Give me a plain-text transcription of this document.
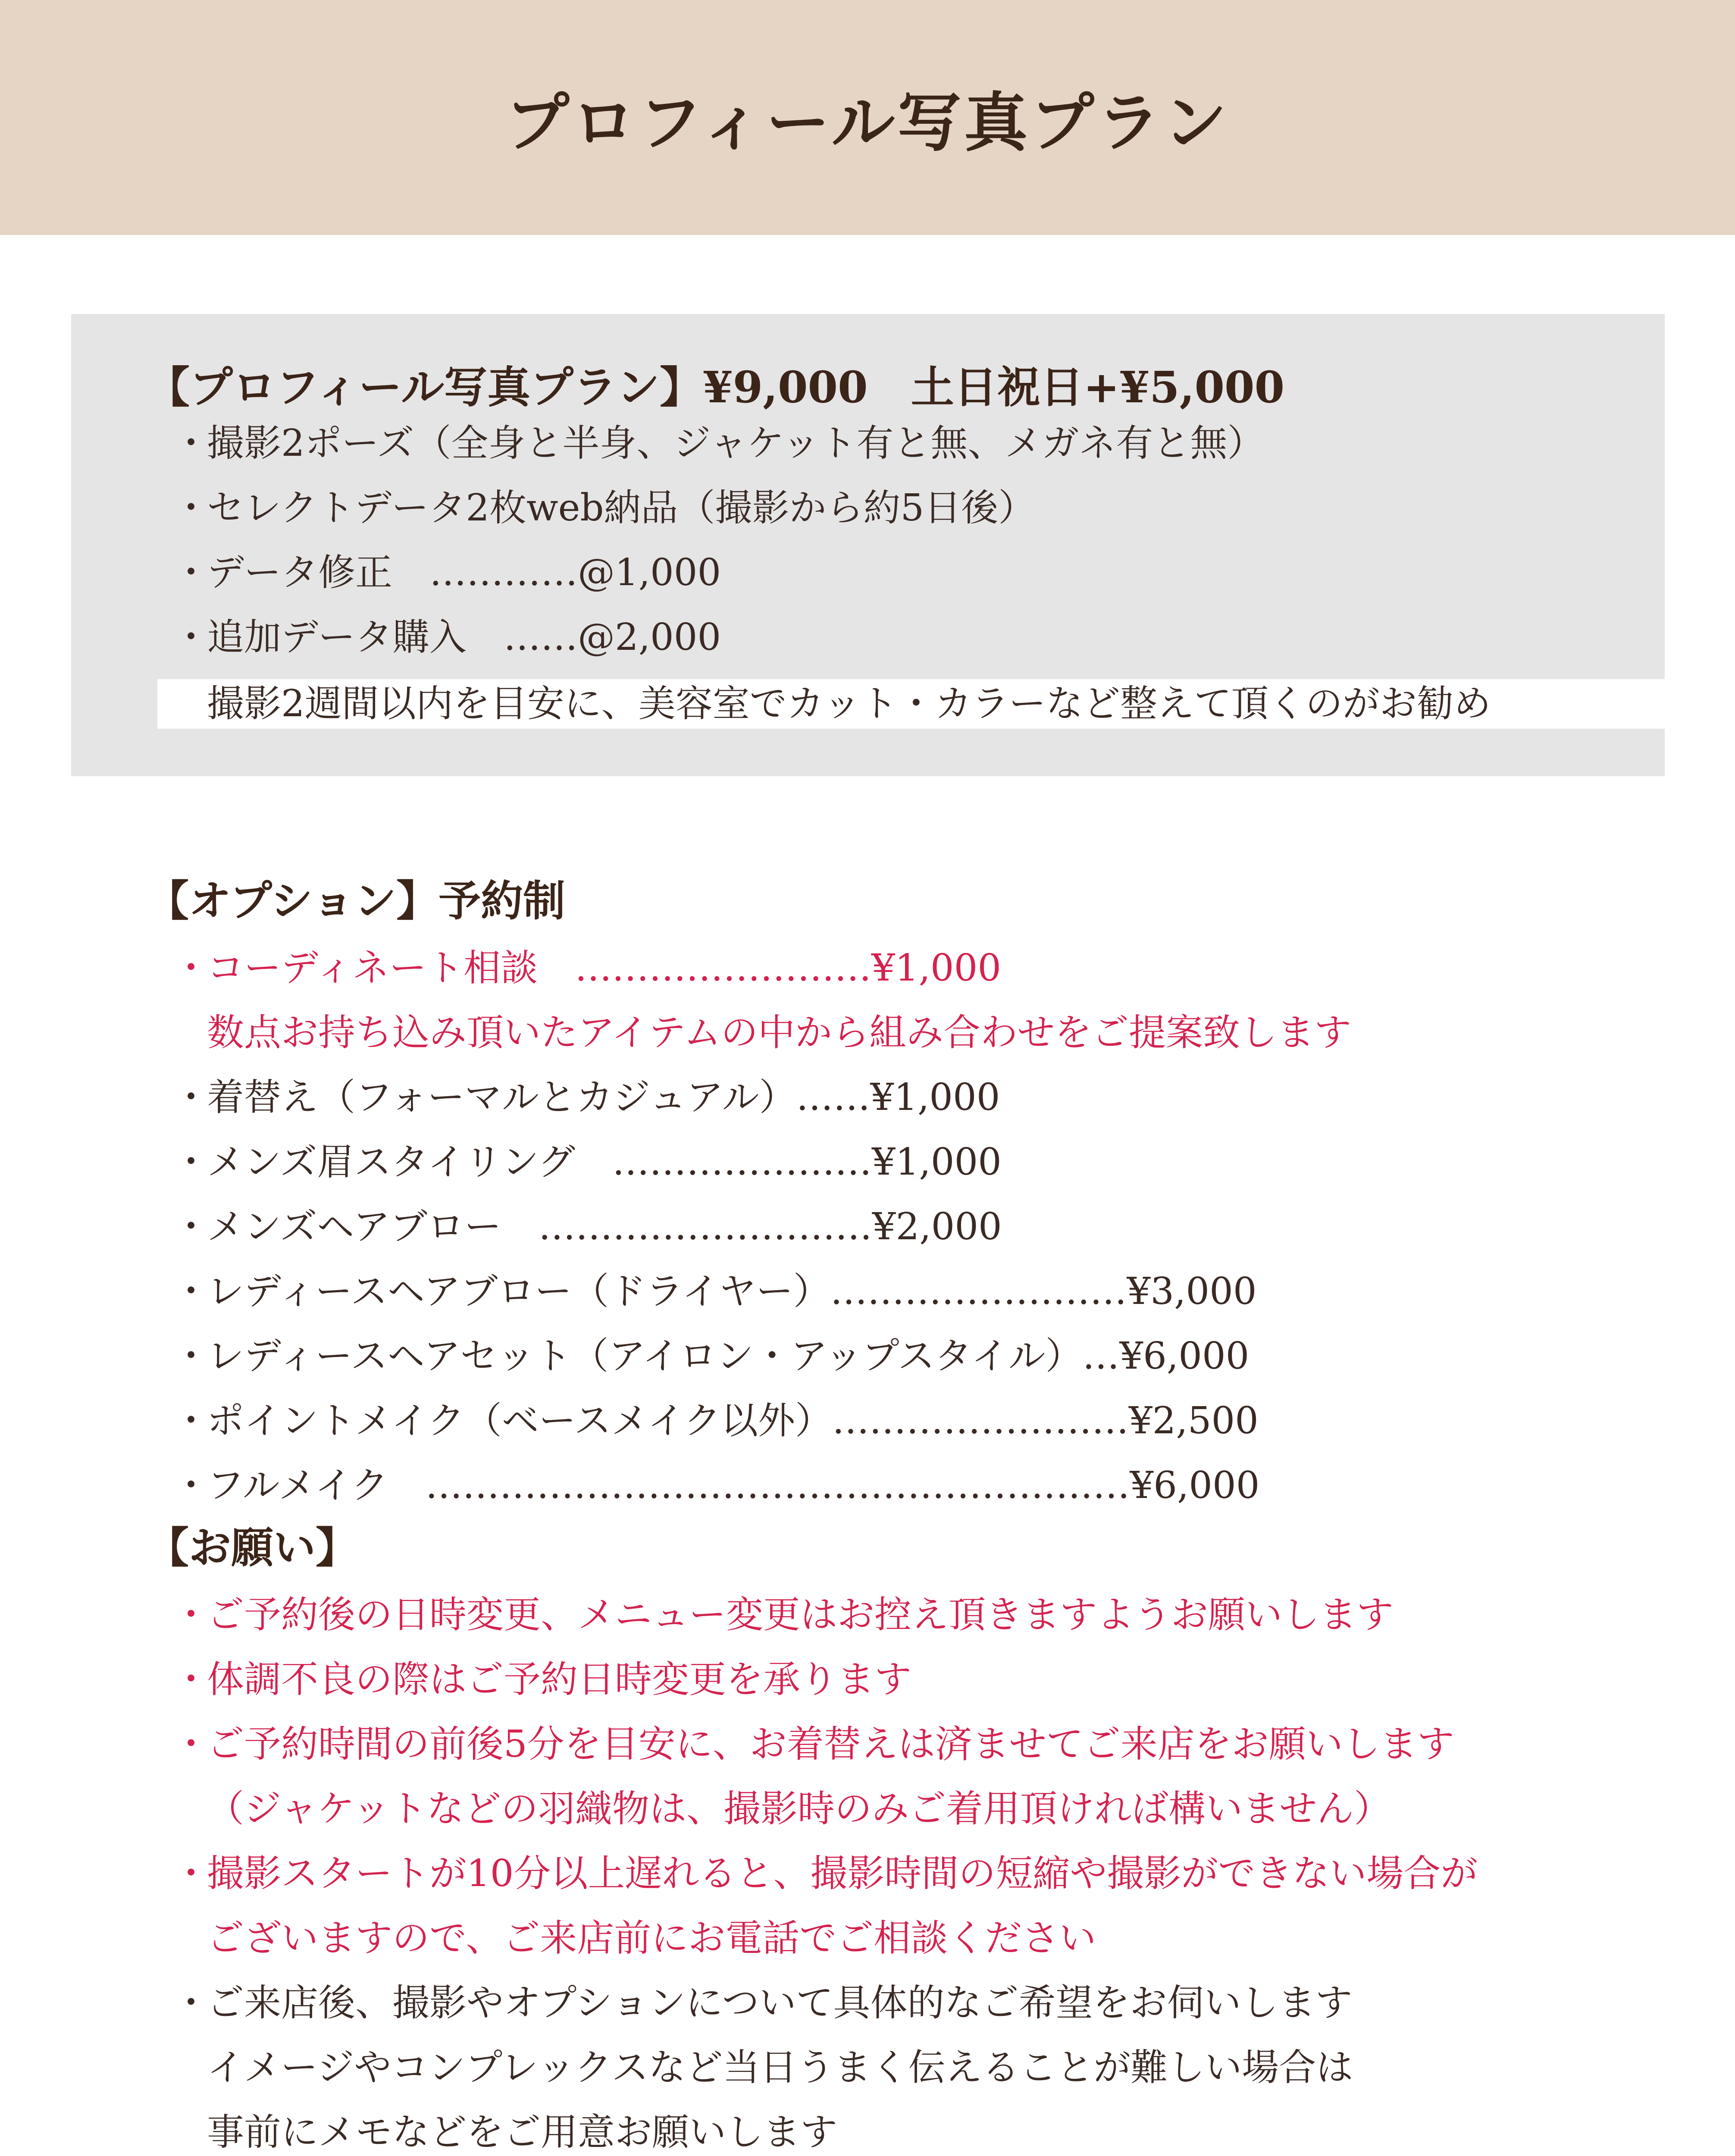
プロフィール写真プラン

【プロフィール写真プラン】¥9,000　土日祝日+¥5,000

・撮影2ポーズ（全身と半身、ジャケット有と無、メガネ有と無）
・セレクトデータ2枚web納品（撮影から約5日後）
・データ修正　…………@1,000
・追加データ購入　……@2,000
撮影2週間以内を目安に、美容室でカット・カラーなど整えて頂くのがお勧め

【オプション】予約制

・コーディネート相談　……………………¥1,000
数点お持ち込み頂いたアイテムの中から組み合わせをご提案致します
・着替え（フォーマルとカジュアル）……¥1,000
・メンズ眉スタイリング　…………………¥1,000
・メンズヘアブロー　………………………¥2,000
・レディースヘアブロー（ドライヤー）……………………¥3,000
・レディースヘアセット（アイロン・アップスタイル）…¥6,000
・ポイントメイク（ベースメイク以外）……………………¥2,500
・フルメイク　…………………………………………………¥6,000

【お願い】

・ご予約後の日時変更、メニュー変更はお控え頂きますようお願いします
・体調不良の際はご予約日時変更を承ります
・ご予約時間の前後5分を目安に、お着替えは済ませてご来店をお願いします
（ジャケットなどの羽織物は、撮影時のみご着用頂ければ構いません）
・撮影スタートが10分以上遅れると、撮影時間の短縮や撮影ができない場合が
ございますので、ご来店前にお電話でご相談ください
・ご来店後、撮影やオプションについて具体的なご希望をお伺いします
イメージやコンプレックスなど当日うまく伝えることが難しい場合は
事前にメモなどをご用意お願いします
